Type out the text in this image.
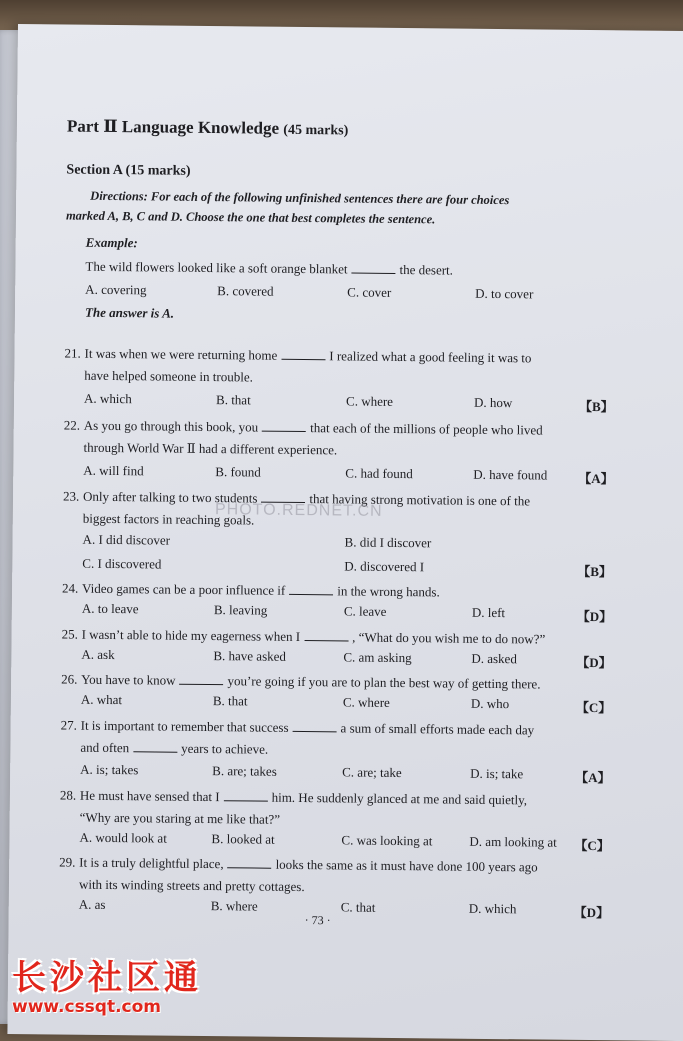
Part Ⅱ Language Knowledge (45 marks)
Section A (15 marks)
Directions: For each of the following unfinished sentences there are four choices
marked A, B, C and D. Choose the one that best completes the sentence.
Example:
The wild flowers looked like a soft orange blanket	the desert.
A. covering	B. covered	C. cover	D. to cover
The answer is A.
21. It was when we were returning home	I realized what a good feeling it was to
have helped someone in trouble.
A. which	B. that	C. where	D. how	【B】
22. As you go through this book, you	that each of the millions of people who lived
through World War Ⅱ had a different experience.
A. will find	B. found	C. had found	D. have found 【A】
23. Only after talking to two students	that having strong motivation is one of the
biggest factors in reaching goals.
A. I did discover	B. did I discover
C. I discovered	D. discovered I	【B】
24. Video games can be a poor influence if	in the wrong hands.
A. to leave	B. leaving	C. leave	D. left	【D】
25. I wasn’t able to hide my eagerness when I	, “What do you wish me to do now?”
A. ask	B. have asked	C. am asking	D. asked	【D】
26. You have to know	you’re going if you are to plan the best way of getting there.
A. what	B. that	C. where	D. who	【C】
27. It is important to remember that success	a sum of small efforts made each day
and often	years to achieve.
A. is; takes	B. are; takes	C. are; take	D. is; take	【A】
28. He must have sensed that I	him. He suddenly glanced at me and said quietly,
“Why are you staring at me like that?”
A. would look at	B. looked at	C. was looking at	D. am looking at 【C】
29. It is a truly delightful place,	looks the same as it must have done 100 years ago
with its winding streets and pretty cottages.
A. as	B. where	C. that	D. which	【D】
· 73 ·
PHOTO.REDNET.CN
长沙社区通
www.cssqt.com
